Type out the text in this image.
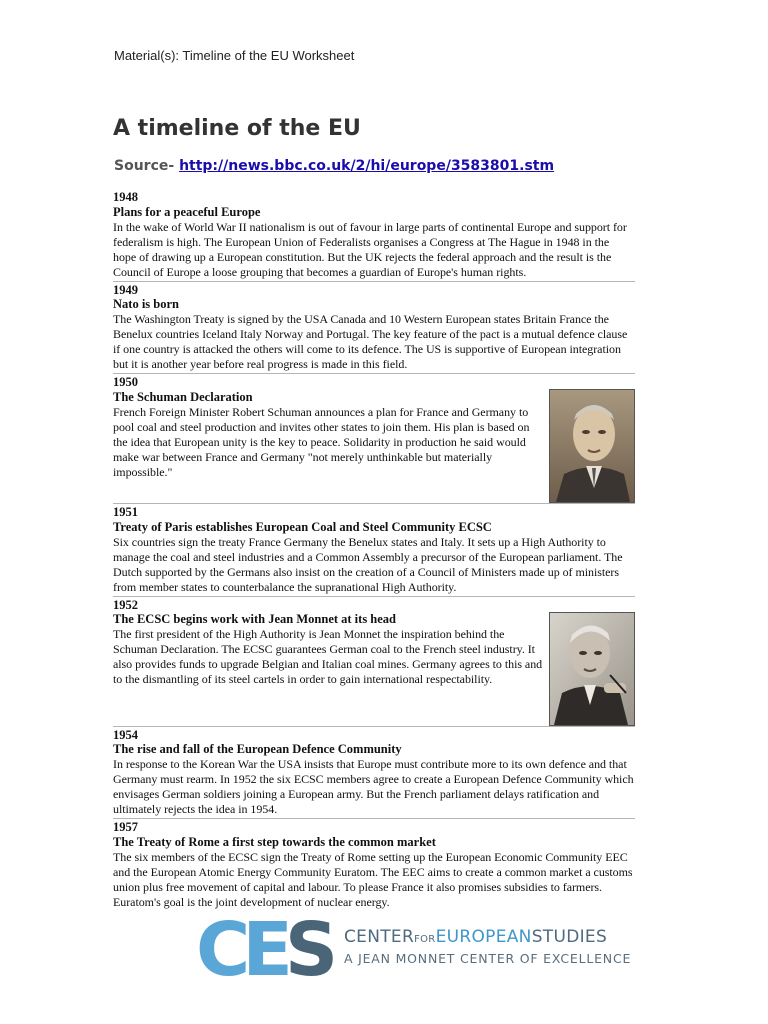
Material(s): Timeline of the EU Worksheet
A timeline of the EU
Source- http://news.bbc.co.uk/2/hi/europe/3583801.stm
1948
Plans for a peaceful Europe
In the wake of World War II nationalism is out of favour in large parts of continental Europe and support for federalism is high. The European Union of Federalists organises a Congress at The Hague in 1948 in the hope of drawing up a European constitution. But the UK rejects the federal approach and the result is the Council of Europe a loose grouping that becomes a guardian of Europe's human rights.
1949
Nato is born
The Washington Treaty is signed by the USA Canada and 10 Western European states Britain France the Benelux countries Iceland Italy Norway and Portugal. The key feature of the pact is a mutual defence clause if one country is attacked the others will come to its defence. The US is supportive of European integration but it is another year before real progress is made in this field.
1950
The Schuman Declaration
French Foreign Minister Robert Schuman announces a plan for France and Germany to pool coal and steel production and invites other states to join them. His plan is based on the idea that European unity is the key to peace. Solidarity in production he said would make war between France and Germany "not merely unthinkable but materially impossible."
1951
Treaty of Paris establishes European Coal and Steel Community ECSC
Six countries sign the treaty France Germany the Benelux states and Italy. It sets up a High Authority to manage the coal and steel industries and a Common Assembly a precursor of the European parliament. The Dutch supported by the Germans also insist on the creation of a Council of Ministers made up of ministers from member states to counterbalance the supranational High Authority.
1952
The ECSC begins work with Jean Monnet at its head
The first president of the High Authority is Jean Monnet the inspiration behind the Schuman Declaration. The ECSC guarantees German coal to the French steel industry. It also provides funds to upgrade Belgian and Italian coal mines. Germany agrees to this and to the dismantling of its steel cartels in order to gain international respectability.
1954
The rise and fall of the European Defence Community
In response to the Korean War the USA insists that Europe must contribute more to its own defence and that Germany must rearm. In 1952 the six ECSC members agree to create a European Defence Community which envisages German soldiers joining a European army. But the French parliament delays ratification and ultimately rejects the idea in 1954.
1957
The Treaty of Rome a first step towards the common market
The six members of the ECSC sign the Treaty of Rome setting up the European Economic Community EEC and the European Atomic Energy Community Euratom. The EEC aims to create a common market a customs union plus free movement of capital and labour. To please France it also promises subsidies to farmers. Euratom's goal is the joint development of nuclear energy.
CES CENTERFOREUROPEANSTUDIES
A JEAN MONNET CENTER OF EXCELLENCE
